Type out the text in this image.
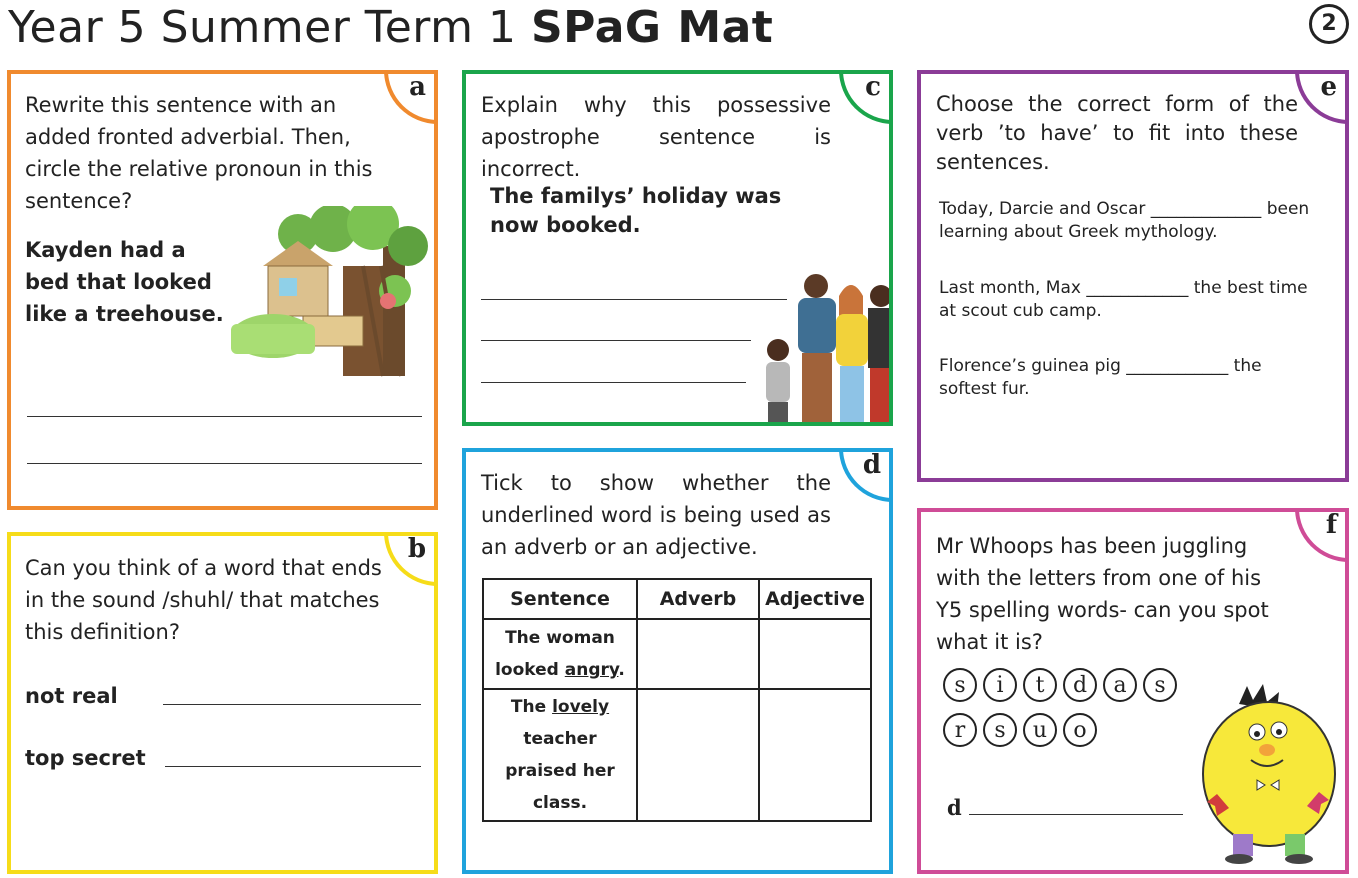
Year 5 Summer Term 1 SPaG Mat	2
a
Rewrite this sentence with an added fronted adverbial. Then, circle the relative pronoun in this sentence?
Kayden had a bed that looked like a treehouse.
b
Can you think of a word that ends in the sound /shuhl/ that matches this definition?
not real
top secret
c
Explain why this possessive apostrophe sentence is incorrect.
The familys’ holiday was now booked.
d
Tick to show whether the underlined word is being used as an adverb or an adjective.
Sentence	Adverb	Adjective
The woman looked angry.		
The lovely teacher praised her class.		
e
Choose the correct form of the verb ’to have’ to fit into these sentences.
Today, Darcie and Oscar _____________ been learning about Greek mythology.
Last month, Max ____________ the best time at scout cub camp.
Florence’s guinea pig ____________ the softest fur.
f
Mr Whoops has been juggling with the letters from one of his Y5 spelling words- can you spot what it is?
s i t d a s
r s u o
d
